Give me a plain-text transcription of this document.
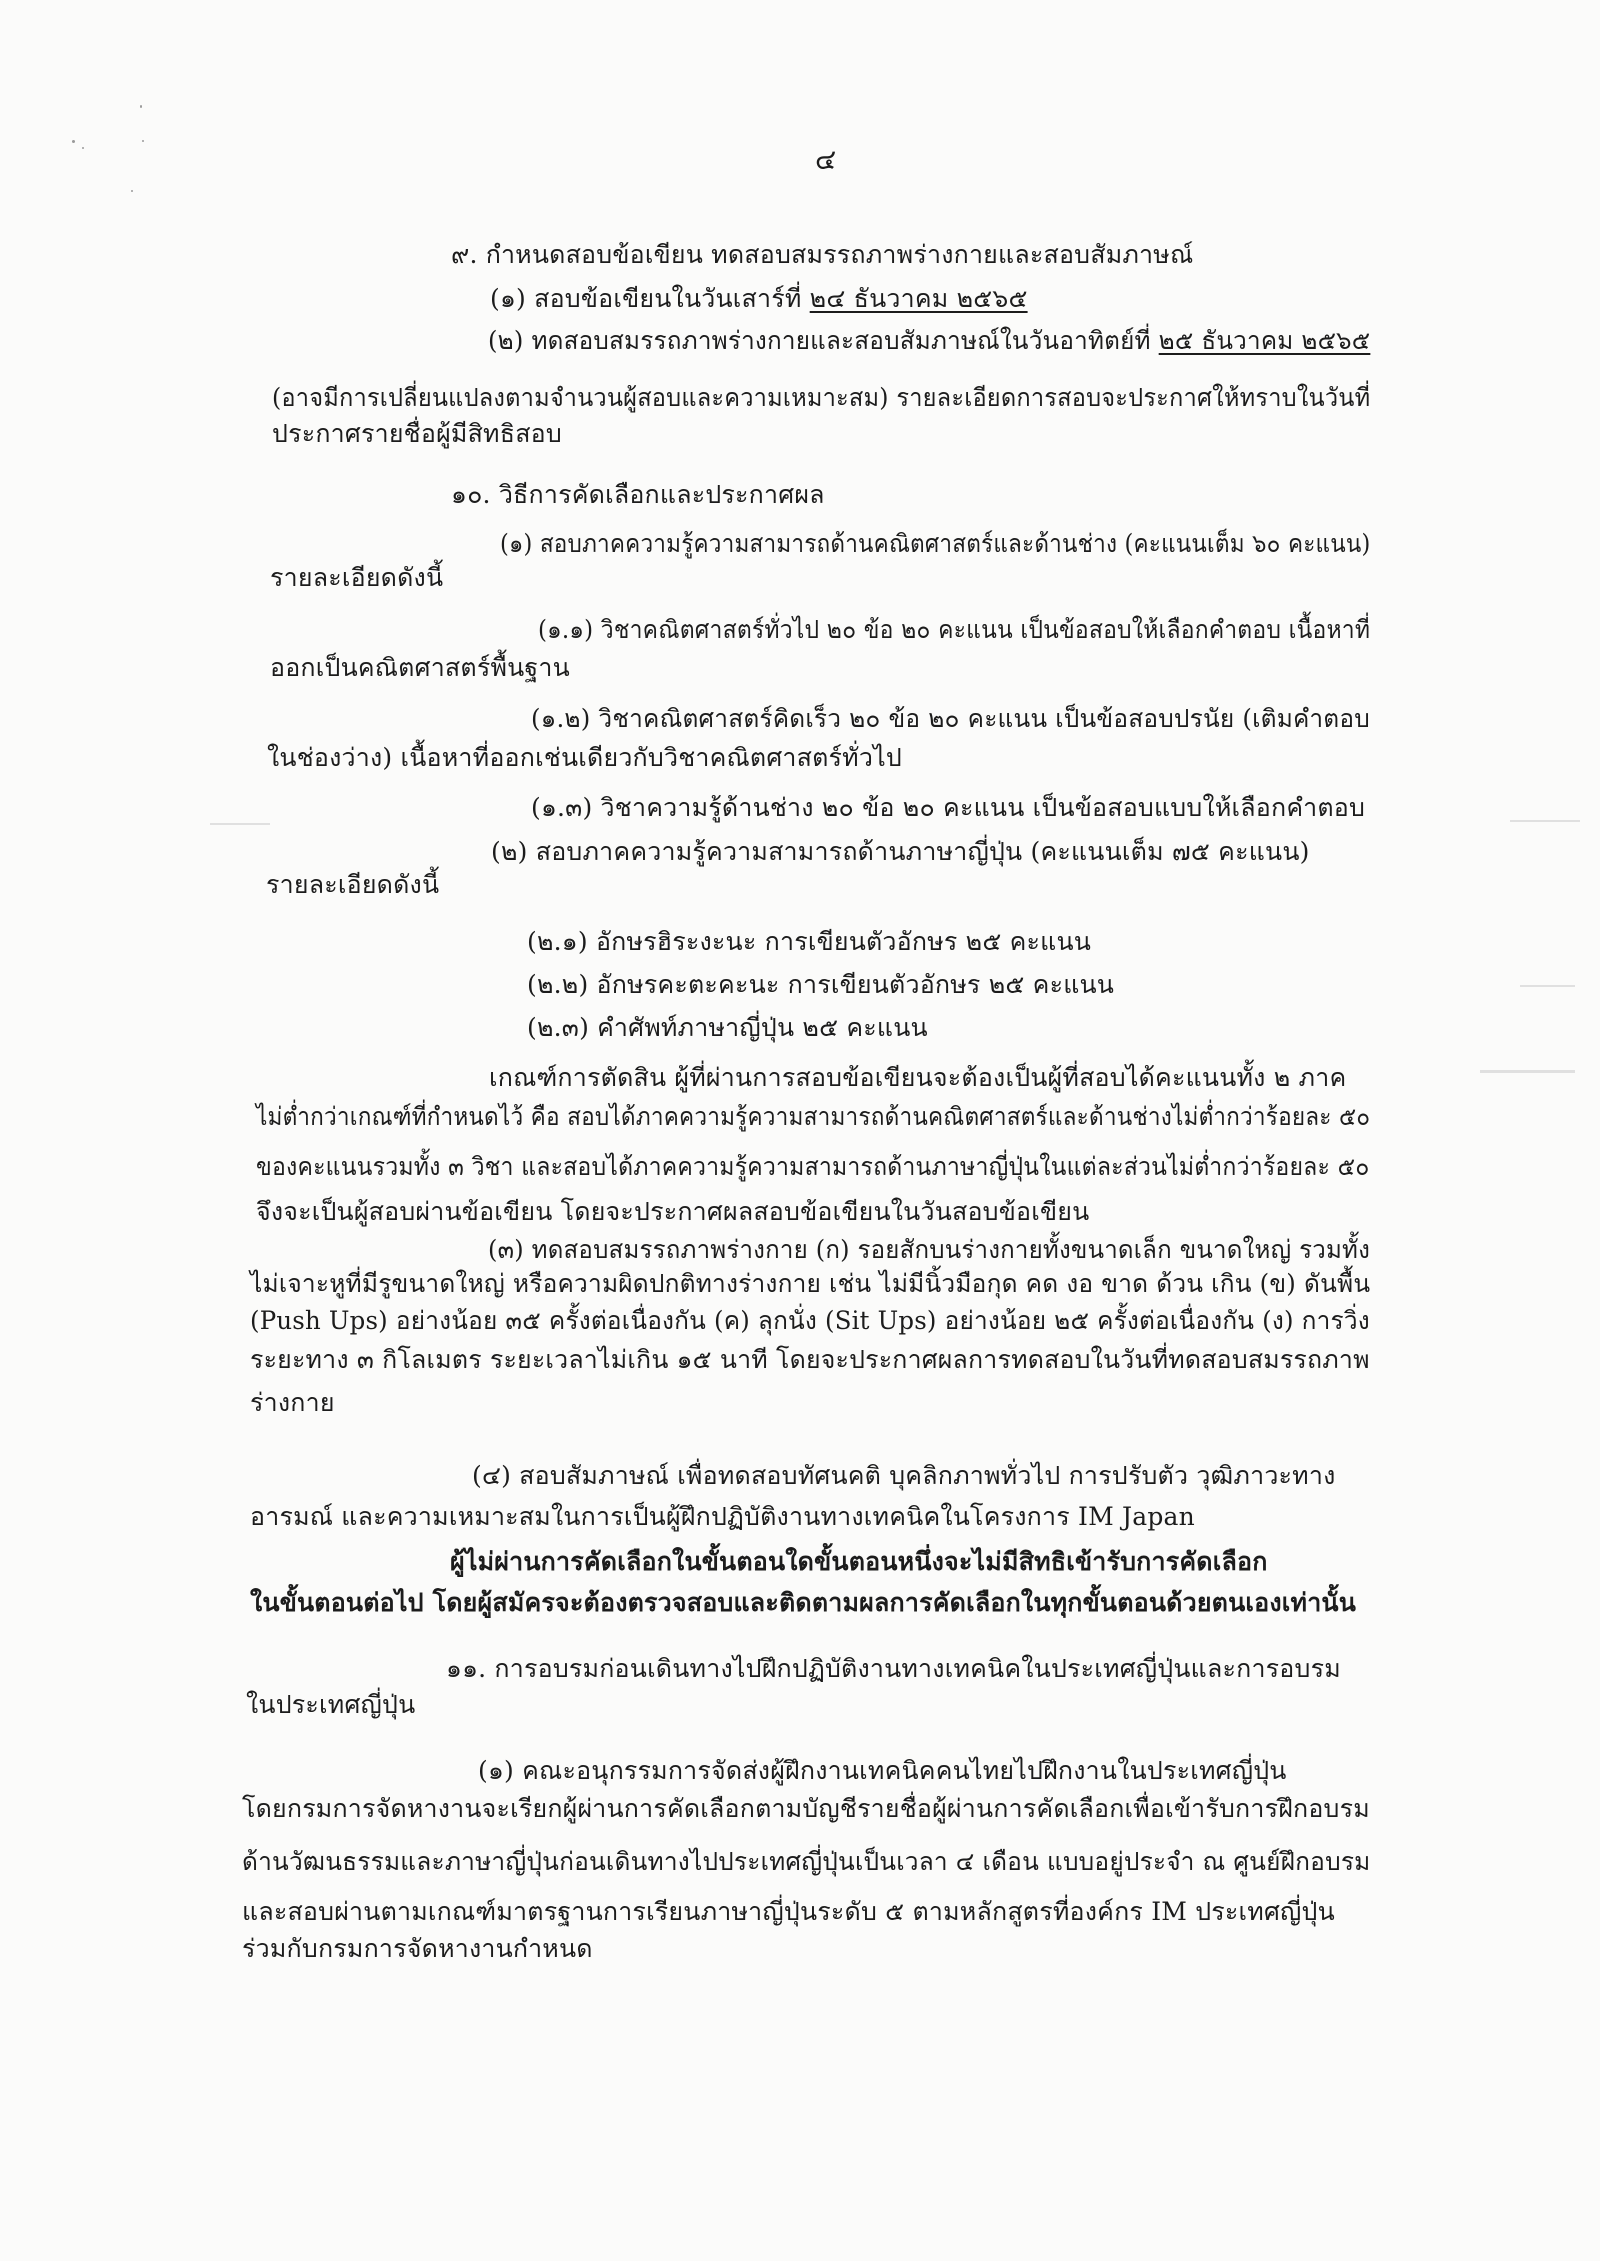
๔
๙. กำหนดสอบข้อเขียน ทดสอบสมรรถภาพร่างกายและสอบสัมภาษณ์
(๑) สอบข้อเขียนในวันเสาร์ที่ ๒๔ ธันวาคม ๒๕๖๕
(๒) ทดสอบสมรรถภาพร่างกายและสอบสัมภาษณ์ในวันอาทิตย์ที่ ๒๕ ธันวาคม ๒๕๖๕
(อาจมีการเปลี่ยนแปลงตามจำนวนผู้สอบและความเหมาะสม) รายละเอียดการสอบจะประกาศให้ทราบในวันที่
ประกาศรายชื่อผู้มีสิทธิสอบ
๑๐. วิธีการคัดเลือกและประกาศผล
(๑) สอบภาคความรู้ความสามารถด้านคณิตศาสตร์และด้านช่าง (คะแนนเต็ม ๖๐ คะแนน)
รายละเอียดดังนี้
(๑.๑) วิชาคณิตศาสตร์ทั่วไป ๒๐ ข้อ ๒๐ คะแนน เป็นข้อสอบให้เลือกคำตอบ เนื้อหาที่
ออกเป็นคณิตศาสตร์พื้นฐาน
(๑.๒) วิชาคณิตศาสตร์คิดเร็ว ๒๐ ข้อ ๒๐ คะแนน เป็นข้อสอบปรนัย (เติมคำตอบ
ในช่องว่าง) เนื้อหาที่ออกเช่นเดียวกับวิชาคณิตศาสตร์ทั่วไป
(๑.๓) วิชาความรู้ด้านช่าง ๒๐ ข้อ ๒๐ คะแนน เป็นข้อสอบแบบให้เลือกคำตอบ
(๒) สอบภาคความรู้ความสามารถด้านภาษาญี่ปุ่น (คะแนนเต็ม ๗๕ คะแนน)
รายละเอียดดังนี้
(๒.๑) อักษรฮิระงะนะ การเขียนตัวอักษร ๒๕ คะแนน
(๒.๒) อักษรคะตะคะนะ การเขียนตัวอักษร ๒๕ คะแนน
(๒.๓) คำศัพท์ภาษาญี่ปุ่น ๒๕ คะแนน
เกณฑ์การตัดสิน ผู้ที่ผ่านการสอบข้อเขียนจะต้องเป็นผู้ที่สอบได้คะแนนทั้ง ๒ ภาค
ไม่ต่ำกว่าเกณฑ์ที่กำหนดไว้ คือ สอบได้ภาคความรู้ความสามารถด้านคณิตศาสตร์และด้านช่างไม่ต่ำกว่าร้อยละ ๕๐
ของคะแนนรวมทั้ง ๓ วิชา และสอบได้ภาคความรู้ความสามารถด้านภาษาญี่ปุ่นในแต่ละส่วนไม่ต่ำกว่าร้อยละ ๕๐
จึงจะเป็นผู้สอบผ่านข้อเขียน โดยจะประกาศผลสอบข้อเขียนในวันสอบข้อเขียน
(๓) ทดสอบสมรรถภาพร่างกาย (ก) รอยสักบนร่างกายทั้งขนาดเล็ก ขนาดใหญ่ รวมทั้ง
ไม่เจาะหูที่มีรูขนาดใหญ่ หรือความผิดปกติทางร่างกาย เช่น ไม่มีนิ้วมือกุด คด งอ ขาด ด้วน เกิน (ข) ดันพื้น
(Push Ups) อย่างน้อย ๓๕ ครั้งต่อเนื่องกัน (ค) ลุกนั่ง (Sit Ups) อย่างน้อย ๒๕ ครั้งต่อเนื่องกัน (ง) การวิ่ง
ระยะทาง ๓ กิโลเมตร ระยะเวลาไม่เกิน ๑๕ นาที โดยจะประกาศผลการทดสอบในวันที่ทดสอบสมรรถภาพ
ร่างกาย
(๔) สอบสัมภาษณ์ เพื่อทดสอบทัศนคติ บุคลิกภาพทั่วไป การปรับตัว วุฒิภาวะทาง
อารมณ์ และความเหมาะสมในการเป็นผู้ฝึกปฏิบัติงานทางเทคนิคในโครงการ IM Japan
ผู้ไม่ผ่านการคัดเลือกในขั้นตอนใดขั้นตอนหนึ่งจะไม่มีสิทธิเข้ารับการคัดเลือก
ในขั้นตอนต่อไป โดยผู้สมัครจะต้องตรวจสอบและติดตามผลการคัดเลือกในทุกขั้นตอนด้วยตนเองเท่านั้น
๑๑. การอบรมก่อนเดินทางไปฝึกปฏิบัติงานทางเทคนิคในประเทศญี่ปุ่นและการอบรม
ในประเทศญี่ปุ่น
(๑) คณะอนุกรรมการจัดส่งผู้ฝึกงานเทคนิคคนไทยไปฝึกงานในประเทศญี่ปุ่น
โดยกรมการจัดหางานจะเรียกผู้ผ่านการคัดเลือกตามบัญชีรายชื่อผู้ผ่านการคัดเลือกเพื่อเข้ารับการฝึกอบรม
ด้านวัฒนธรรมและภาษาญี่ปุ่นก่อนเดินทางไปประเทศญี่ปุ่นเป็นเวลา ๔ เดือน แบบอยู่ประจำ ณ ศูนย์ฝึกอบรม
และสอบผ่านตามเกณฑ์มาตรฐานการเรียนภาษาญี่ปุ่นระดับ ๕ ตามหลักสูตรที่องค์กร IM ประเทศญี่ปุ่น
ร่วมกับกรมการจัดหางานกำหนด
